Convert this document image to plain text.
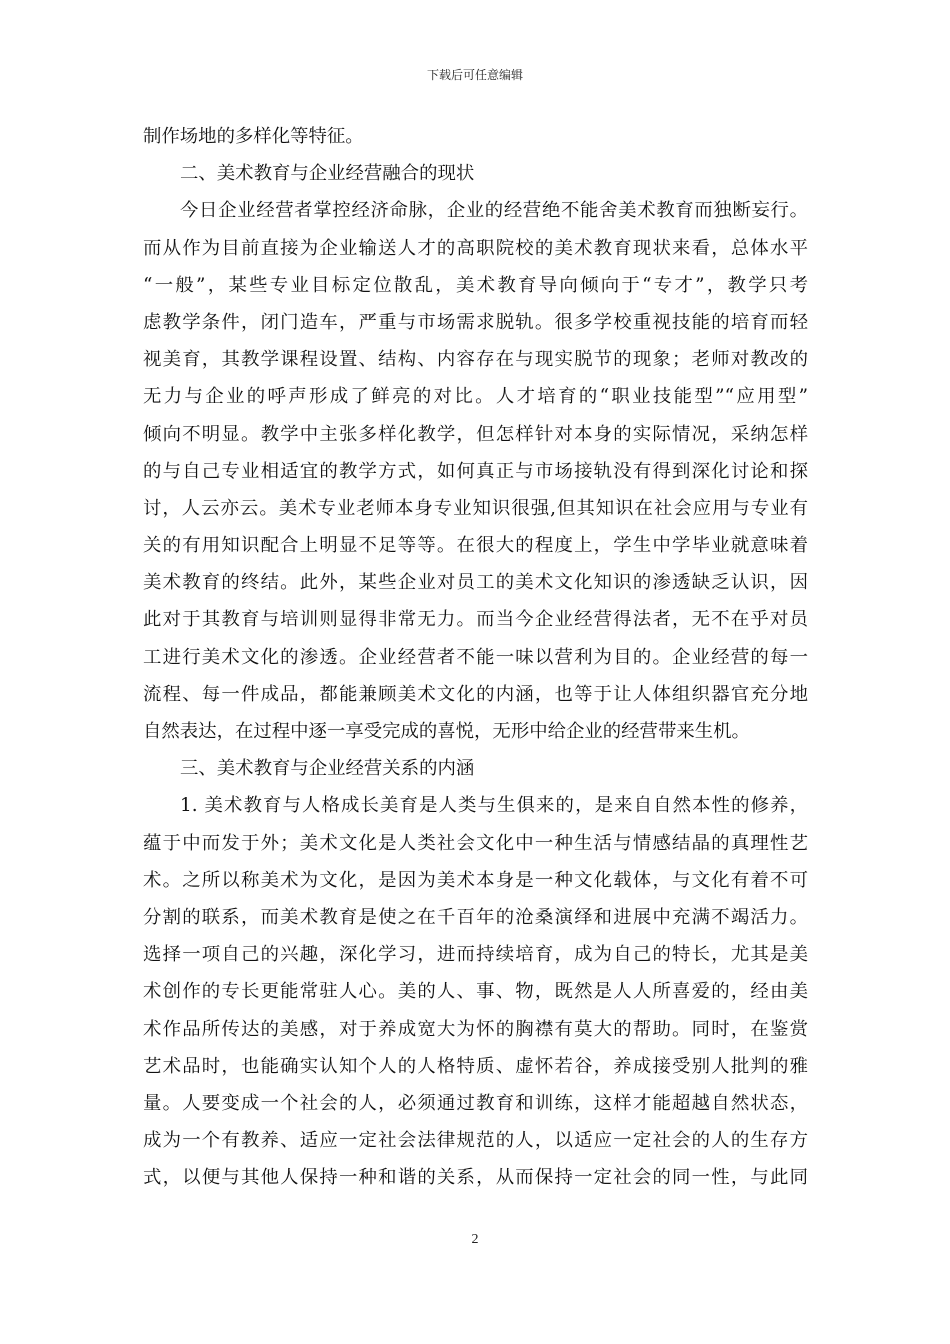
下载后可任意编辑
制作场地的多样化等特征。
二、美术教育与企业经营融合的现状
今日企业经营者掌控经济命脉，企业的经营绝不能舍美术教育而独断妄行。
而从作为目前直接为企业输送人才的高职院校的美术教育现状来看，总体水平
“一般”，某些专业目标定位散乱，美术教育导向倾向于“专才”，教学只考
虑教学条件，闭门造车，严重与市场需求脱轨。很多学校重视技能的培育而轻
视美育，其教学课程设置、结构、内容存在与现实脱节的现象；老师对教改的
无力与企业的呼声形成了鲜亮的对比。人才培育的“职业技能型”“应用型”
倾向不明显。教学中主张多样化教学，但怎样针对本身的实际情况，采纳怎样
的与自己专业相适宜的教学方式，如何真正与市场接轨没有得到深化讨论和探
讨，人云亦云。美术专业老师本身专业知识很强,但其知识在社会应用与专业有
关的有用知识配合上明显不足等等。在很大的程度上，学生中学毕业就意味着
美术教育的终结。此外，某些企业对员工的美术文化知识的渗透缺乏认识，因
此对于其教育与培训则显得非常无力。而当今企业经营得法者，无不在乎对员
工进行美术文化的渗透。企业经营者不能一味以营利为目的。企业经营的每一
流程、每一件成品，都能兼顾美术文化的内涵，也等于让人体组织器官充分地
自然表达，在过程中逐一享受完成的喜悦，无形中给企业的经营带来生机。
三、美术教育与企业经营关系的内涵
1. 美术教育与人格成长美育是人类与生俱来的，是来自自然本性的修养，
蕴于中而发于外；美术文化是人类社会文化中一种生活与情感结晶的真理性艺
术。之所以称美术为文化，是因为美术本身是一种文化载体，与文化有着不可
分割的联系，而美术教育是使之在千百年的沧桑演绎和进展中充满不竭活力。
选择一项自己的兴趣，深化学习，进而持续培育，成为自己的特长，尤其是美
术创作的专长更能常驻人心。美的人、事、物，既然是人人所喜爱的，经由美
术作品所传达的美感，对于养成宽大为怀的胸襟有莫大的帮助。同时，在鉴赏
艺术品时，也能确实认知个人的人格特质、虚怀若谷，养成接受别人批判的雅
量。人要变成一个社会的人，必须通过教育和训练，这样才能超越自然状态，
成为一个有教养、适应一定社会法律规范的人，以适应一定社会的人的生存方
式，以便与其他人保持一种和谐的关系，从而保持一定社会的同一性，与此同
2
